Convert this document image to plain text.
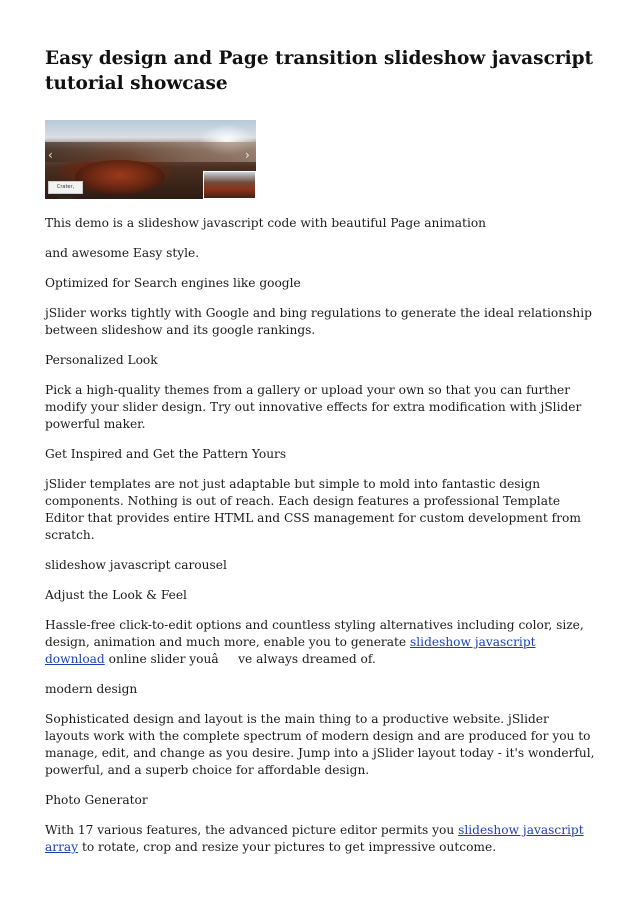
Easy design and Page transition slideshow javascript tutorial showcase
‹	›
Crater, Hawaii

This demo is a slideshow javascript code with beautiful Page animation

and awesome Easy style.

Optimized for Search engines like google

jSlider works tightly with Google and bing regulations to generate the ideal relationship between slideshow and its google rankings.

Personalized Look

Pick a high-quality themes from a gallery or upload your own so that you can further modify your slider design. Try out innovative effects for extra modification with jSlider powerful maker.

Get Inspired and Get the Pattern Yours

jSlider templates are not just adaptable but simple to mold into fantastic design components. Nothing is out of reach. Each design features a professional Template Editor that provides entire HTML and CSS management for custom development from scratch.

slideshow javascript carousel

Adjust the Look & Feel

Hassle-free click-to-edit options and countless styling alternatives including color, size, design, animation and much more, enable you to generate slideshow javascript download online slider youâve always dreamed of.

modern design

Sophisticated design and layout is the main thing to a productive website. jSlider layouts work with the complete spectrum of modern design and are produced for you to manage, edit, and change as you desire. Jump into a jSlider layout today - it's wonderful, powerful, and a superb choice for affordable design.

Photo Generator

With 17 various features, the advanced picture editor permits you slideshow javascript array to rotate, crop and resize your pictures to get impressive outcome.
